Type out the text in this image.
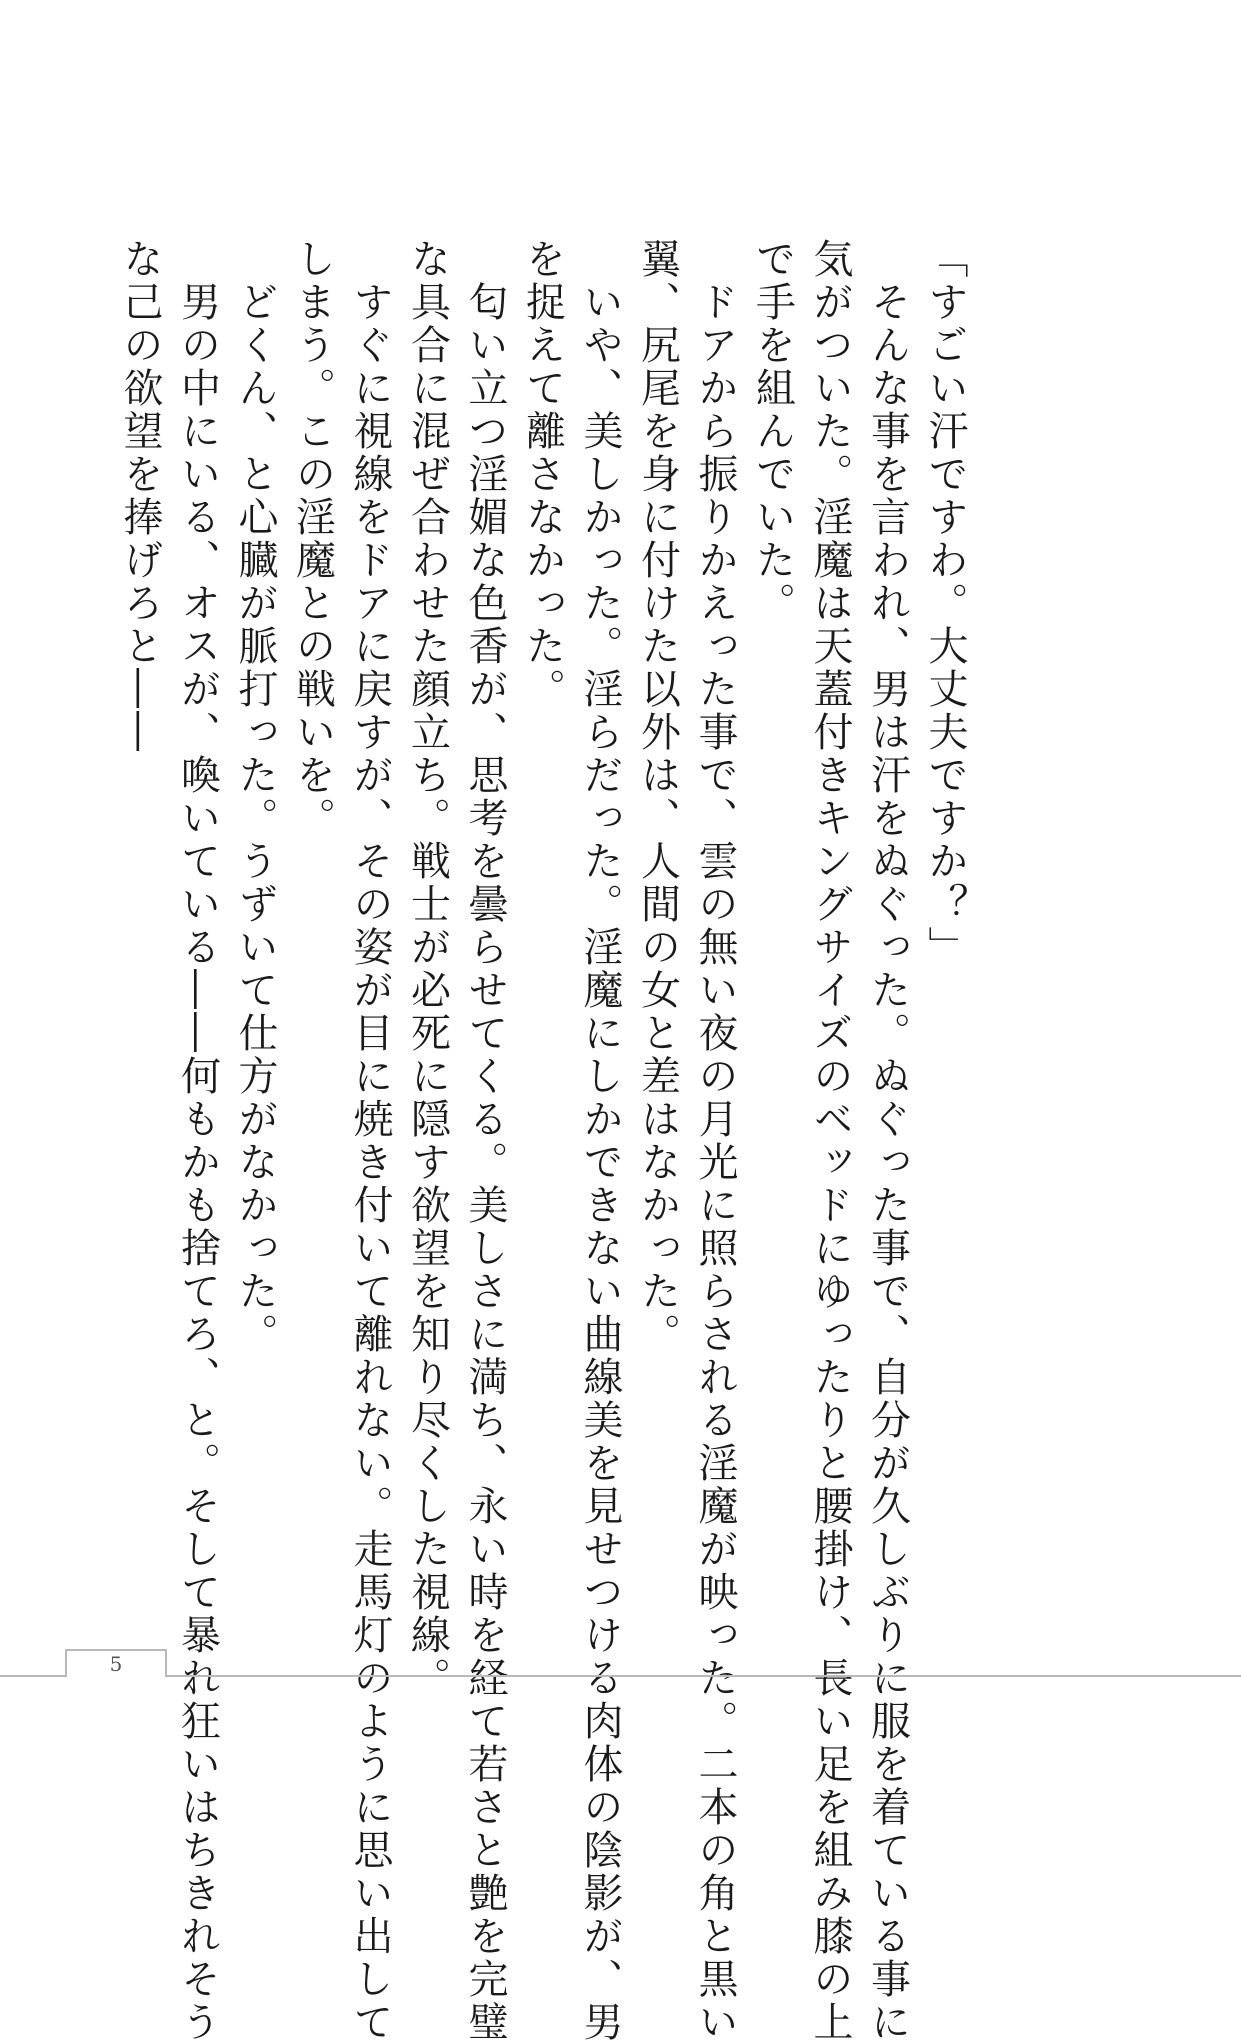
「すごい汗ですわ。大丈夫ですか？」
　そんな事を言われ、男は汗をぬぐった。ぬぐった事で、自分が久しぶりに服を着ている事に
気がついた。淫魔は天蓋付きキングサイズのベッドにゆったりと腰掛け、長い足を組み膝の上
で手を組んでいた。
　ドアから振りかえった事で、雲の無い夜の月光に照らされる淫魔が映った。二本の角と黒い
翼、尻尾を身に付けた以外は、人間の女と差はなかった。
　いや、美しかった。淫らだった。淫魔にしかできない曲線美を見せつける肉体の陰影が、男
を捉えて離さなかった。
　匂い立つ淫媚な色香が、思考を曇らせてくる。美しさに満ち、永い時を経て若さと艶を完璧
な具合に混ぜ合わせた顔立ち。戦士が必死に隠す欲望を知り尽くした視線。
　すぐに視線をドアに戻すが、その姿が目に焼き付いて離れない。走馬灯のように思い出して
しまう。この淫魔との戦いを。
　どくん、と心臓が脈打った。うずいて仕方がなかった。
　男の中にいる、オスが、喚いている――何もかも捨てろ、と。そして暴れ狂いはちきれそう
な己の欲望を捧げろと――
5
